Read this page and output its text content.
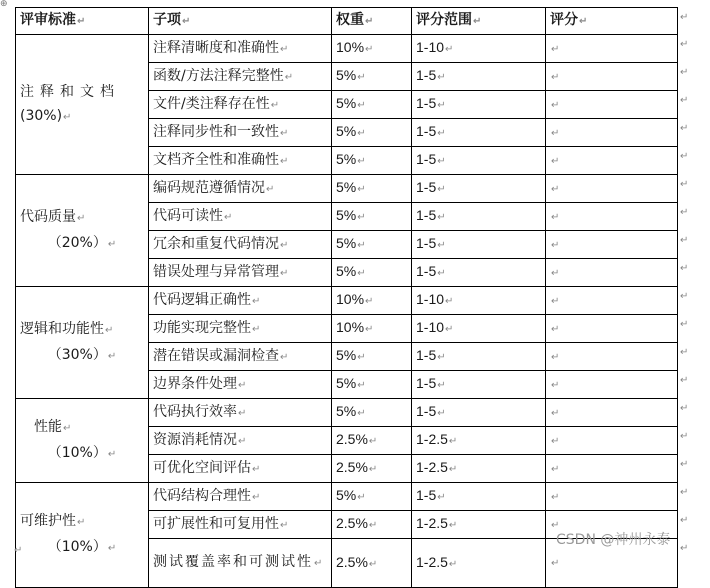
⊕
评审标准↵	子项↵	权重↵	评分范围↵	评分↵

注释和文档
(30%)↵	注释清晰度和准确性↵	10%↵	1-10↵	↵
	函数/方法注释完整性↵	5%↵	1-5↵	↵
	文件/类注释存在性↵	5%↵	1-5↵	↵
	注释同步性和一致性↵	5%↵	1-5↵	↵
	文档齐全性和准确性↵	5%↵	1-5↵	↵

代码质量↵
（20%）↵	编码规范遵循情况↵	5%↵	1-5↵	↵
	代码可读性↵	5%↵	1-5↵	↵
	冗余和重复代码情况↵	5%↵	1-5↵	↵
	错误处理与异常管理↵	5%↵	1-5↵	↵

逻辑和功能性↵
（30%）↵	代码逻辑正确性↵	10%↵	1-10↵	↵
	功能实现完整性↵	10%↵	1-10↵	↵
	潜在错误或漏洞检查↵	5%↵	1-5↵	↵
	边界条件处理↵	5%↵	1-5↵	↵

性能↵
（10%）↵	代码执行效率↵	5%↵	1-5↵	↵
	资源消耗情况↵	2.5%↵	1-2.5↵	↵
	可优化空间评估↵	2.5%↵	1-2.5↵	↵

可维护性↵
（10%）↵	代码结构合理性↵	5%↵	1-5↵	↵
	可扩展性和可复用性↵	2.5%↵	1-2.5↵	↵
	测试覆盖率和可测试性↵	2.5%↵	1-2.5↵	↵
↵
↵
↵
↵
↵
↵
↵
↵
↵
↵
↵
↵
↵
↵
↵
↵
↵
↵
↵
↵
↵
CSDN @神州永泰
